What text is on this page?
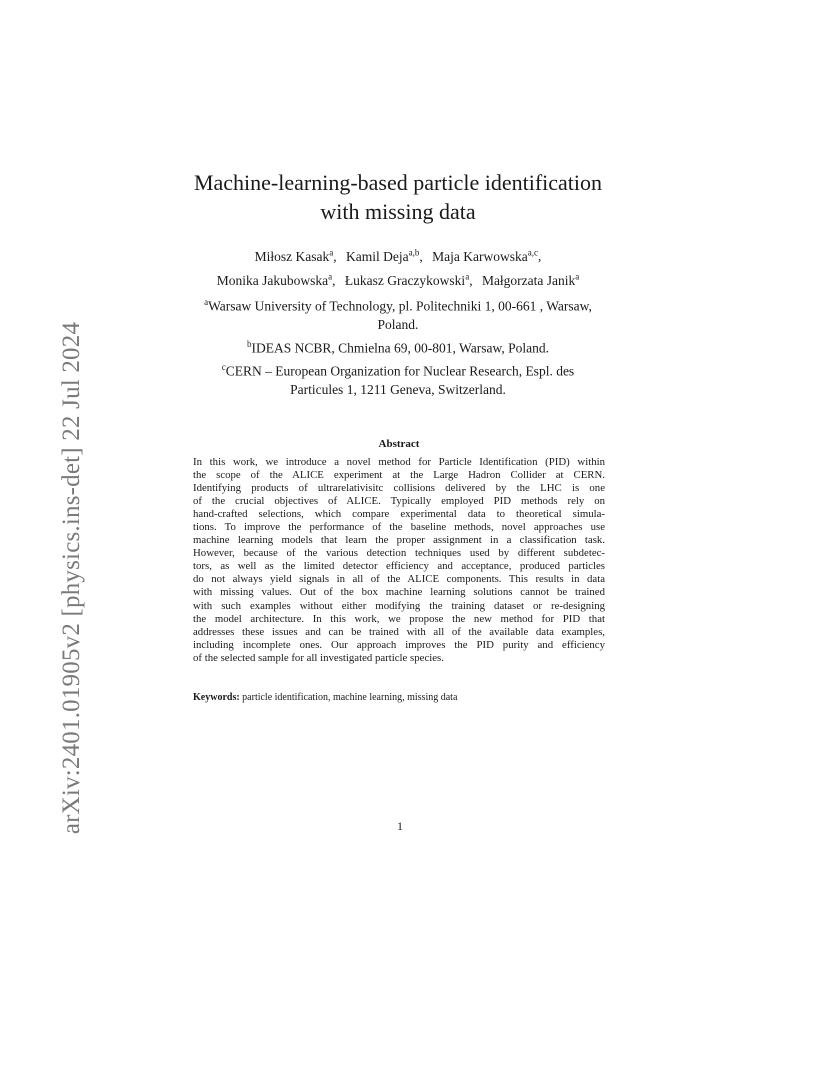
arXiv:2401.01905v2 [physics.ins-det] 22 Jul 2024
Machine-learning-based particle identification
with missing data
Miłosz Kasak$^a$, Kamil Deja$^{a,b}$, Maja Karwowska$^{a,c}$,
Monika Jakubowska$^a$, Łukasz Graczykowski$^a$, Małgorzata Janik$^a$
$^a$Warsaw University of Technology, pl. Politechniki 1, 00-661 , Warsaw,
Poland.
$^b$IDEAS NCBR, Chmielna 69, 00-801, Warsaw, Poland.
$^c$CERN – European Organization for Nuclear Research, Espl. des
Particules 1, 1211 Geneva, Switzerland.
Abstract
In this work, we introduce a novel method for Particle Identification (PID) within
the scope of the ALICE experiment at the Large Hadron Collider at CERN.
Identifying products of ultrarelativisitc collisions delivered by the LHC is one
of the crucial objectives of ALICE. Typically employed PID methods rely on
hand-crafted selections, which compare experimental data to theoretical simula-
tions. To improve the performance of the baseline methods, novel approaches use
machine learning models that learn the proper assignment in a classification task.
However, because of the various detection techniques used by different subdetec-
tors, as well as the limited detector efficiency and acceptance, produced particles
do not always yield signals in all of the ALICE components. This results in data
with missing values. Out of the box machine learning solutions cannot be trained
with such examples without either modifying the training dataset or re-designing
the model architecture. In this work, we propose the new method for PID that
addresses these issues and can be trained with all of the available data examples,
including incomplete ones. Our approach improves the PID purity and efficiency
of the selected sample for all investigated particle species.
Keywords: particle identification, machine learning, missing data
1
